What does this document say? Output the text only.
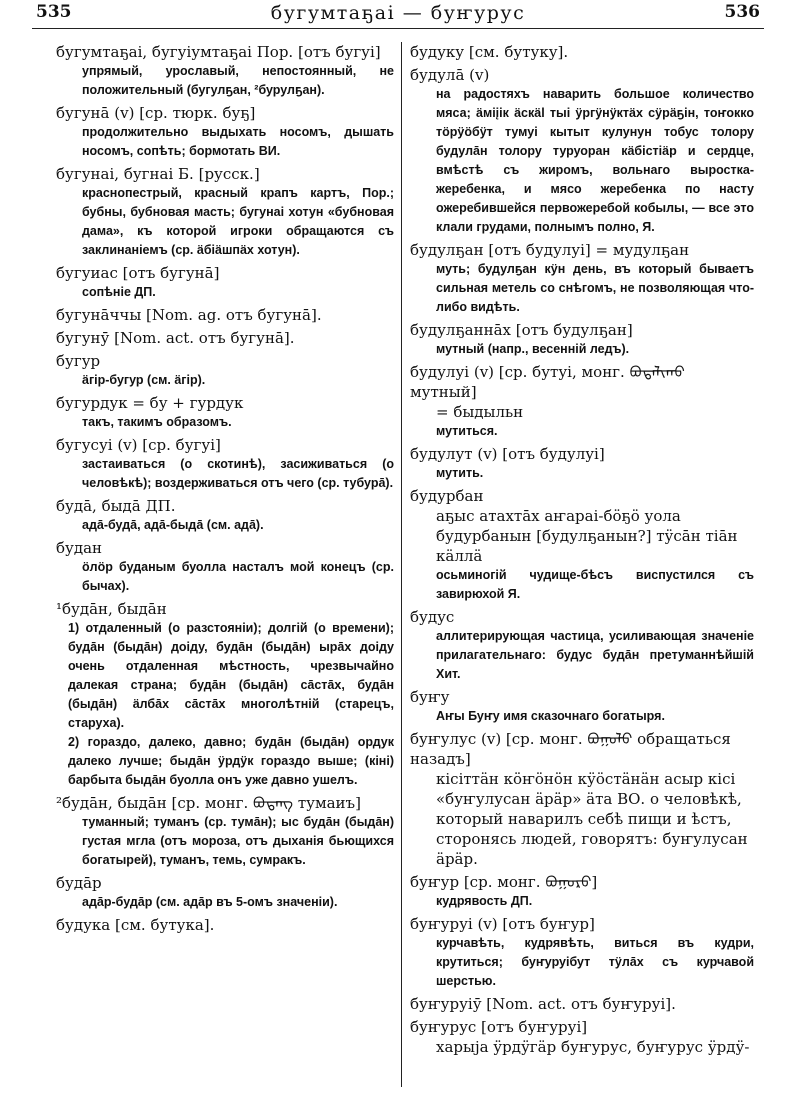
535	бугумтаҕаі — буҥурус	536
бугумтаҕаі, бугуіумтаҕаі Пор. [отъ бугуі]
упрямый, урославый, непостоянный, не положительный (бугулҕан, ²бурулҕан).
бугунā (v) [ср. тюрк. буҕ]
продолжительно выдыхать носомъ, дышать носомъ, сопѣть; бормотать ВИ.
бугунаі, бугнаі Б. [русск.]
краснопестрый, красный крапъ картъ, Пор.; бубны, бубновая масть; бугунаі хотун «бубновая дама», къ которой игроки обращаются съ заклинаніемъ (ср. äбiäшпäх хотун).
бугуиас [отъ бугунā]
сопѣніе ДП.
бугунāччы [Nom. ag. отъ бугунā].
бугунӯ [Nom. act. отъ бугунā].
бугур
äгip-бугур (см. äгip).
бугурдук = бу + гурдук
такъ, такимъ образомъ.
бугусуі (v) [ср. бугуі]
застаиваться (о скотинѣ), засиживаться (о человѣкѣ); воздерживаться отъ чего (ср. тубурā).
будā, быдā ДП.
адā-будā, адā-быдā (см. адā).
будан
öлöр буданым буолла насталъ мой конецъ (ср. бычах).
¹будāн, быдāн
1) отдаленный (о разстояніи); долгій (о времени); будāн (быдāн) доіду, будāн (быдāн) ырāх доіду очень отдаленная мѣстность, чрезвычайно далекая страна; будāн (быдāн) сāстāх, будāн (быдāн) äлбāх сāстāх многолѣтній (старецъ, старуха).
2) гораздо, далеко, давно; будāн (быдāн) ордук далеко лучше; быдāн ӱрдӱк гораздо выше; (кіні) барбыта быдāн буолла онъ уже давно ушелъ.
²будāн, быдāн [ср. монг. ᠪᠤᠳᠠᠩ тумаиъ]
туманный; туманъ (ср. тумāн); ыс будāн (быдāн) густая мгла (отъ мороза, отъ дыханія бьющихся богатырей), туманъ, темь, сумракъ.
будāр
адāр-будāр (см. адāр въ 5-омъ значеніи).
будука [см. бутука].
будуку [см. бутуку].
будулā (v)
на радостяхъ наварить большое количество мяса; äмiįiк äскäl тыі ӱргӱнӱктäх сӱрäҕiн, тоҥокко тöрӱöбӱт тумуі кытыт кулунун тобус толору будулāн толору туруоран кäбiстiäр и сердце, вмѣстѣ съ жиромъ, вольнаго выростка-жеребенка, и мясо жеребенка по насту ожеребившейся первожеребой кобылы, — все это клали грудами, полнымъ полно, Я.
будулҕан [отъ будулуі] = мудулҕан
муть; будулҕан кӱн день, въ который бываетъ сильная метель со снѣгомъ, не позволяющая что-либо видѣть.
будулҕаннāх [отъ будулҕан]
мутный (напр., весенній ледъ).
будулуі (v) [ср. бутуі, монг. ᠪᠤᠳᠠᠯᠢᠬᠤ мутный]
= быдыльн
мутиться.
будулут (v) [отъ будулуі]
мутить.
будурбан
аҕыс атахтāх аҥараі-бöҕö уола будурбанын [будулҕанын?] тӱсāн тiāн кäллä
осьминогій чудище-бѣсъ виспустился съ завирюхой Я.
будус
аллитерирующая частица, усиливающая значеніе прилагательнаго: будус будāн претуманнѣйшій Хит.
буҥу
Аҥы Буҥу имя сказочнаго богатыря.
буҥулус (v) [ср. монг. ᠪᠤᠭᠤᠯᠤ обращаться назадъ]
кiсiттäн кöҥöнöн кӱöстäнäн асыр кiсi «буҥулусан äрäр» äта ВО. о человѣкѣ, который наварилъ себѣ пищи и ѣстъ, сторонясь людей, говорятъ: буҥулусан äрäр.
буҥур [ср. монг. ᠪᠤᠭᠤᠷᠤ]
кудрявость ДП.
буҥуруі (v) [отъ буҥур]
курчавѣть, кудрявѣть, виться въ кудри, крутиться; буҥуруібут тӱлāх съ курчавой шерстью.
буҥуруіӯ [Nom. act. отъ буҥуруі].
буҥурус [отъ буҥуруі]
харыја ӱрдӱгäр буҥурус, буҥурус ӱрдӱ-
